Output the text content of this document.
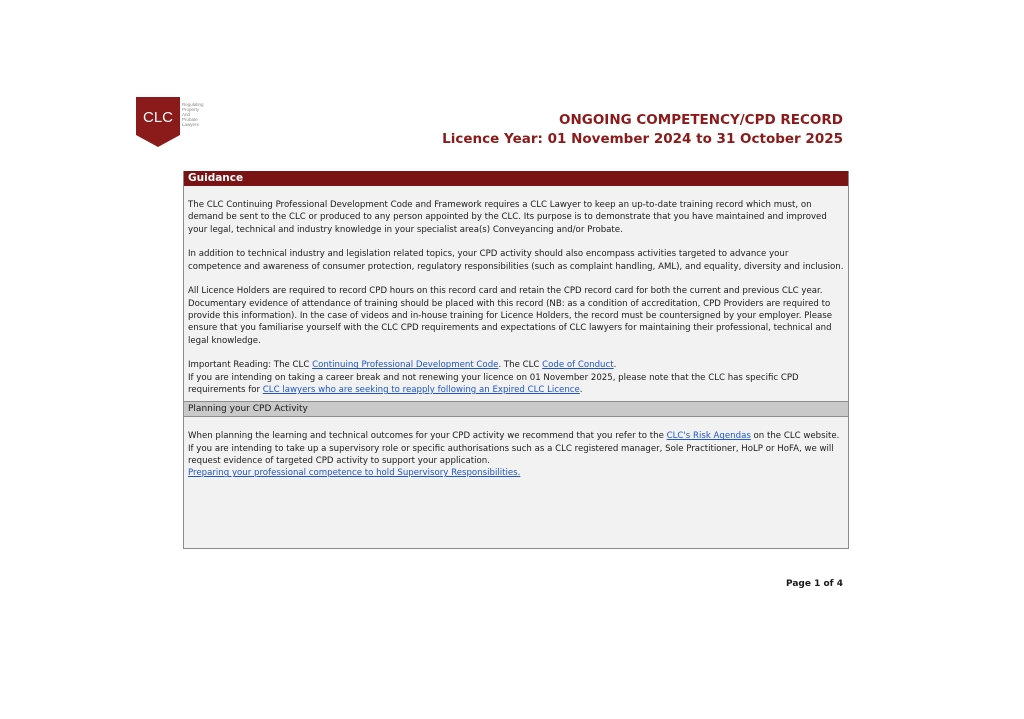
CLC
Regulating
Property
And
Probate
Lawyers	ONGOING COMPETENCY/CPD RECORD
Licence Year: 01 November 2024 to 31 October 2025
Guidance

The CLC Continuing Professional Development Code and Framework requires a CLC Lawyer to keep an up-to-date training record which must, on demand be sent to the CLC or produced to any person appointed by the CLC. Its purpose is to demonstrate that you have maintained and improved your legal, technical and industry knowledge in your specialist area(s) Conveyancing and/or Probate.

In addition to technical industry and legislation related topics, your CPD activity should also encompass activities targeted to advance your competence and awareness of consumer protection, regulatory responsibilities (such as complaint handling, AML), and equality, diversity and inclusion.

All Licence Holders are required to record CPD hours on this record card and retain the CPD record card for both the current and previous CLC year. Documentary evidence of attendance of training should be placed with this record (NB: as a condition of accreditation, CPD Providers are required to provide this information). In the case of videos and in-house training for Licence Holders, the record must be countersigned by your employer. Please ensure that you familiarise yourself with the CLC CPD requirements and expectations of CLC lawyers for maintaining their professional, technical and legal knowledge.

Important Reading: The CLC Continuing Professional Development Code. The CLC Code of Conduct.

If you are intending on taking a career break and not renewing your licence on 01 November 2025, please note that the CLC has specific CPD requirements for CLC lawyers who are seeking to reapply following an Expired CLC Licence.

Planning your CPD Activity

When planning the learning and technical outcomes for your CPD activity we recommend that you refer to the CLC's Risk Agendas on the CLC website. If you are intending to take up a supervisory role or specific authorisations such as a CLC registered manager, Sole Practitioner, HoLP or HoFA, we will request evidence of targeted CPD activity to support your application.

Preparing your professional competence to hold Supervisory Responsibilities.

Page 1 of 4
